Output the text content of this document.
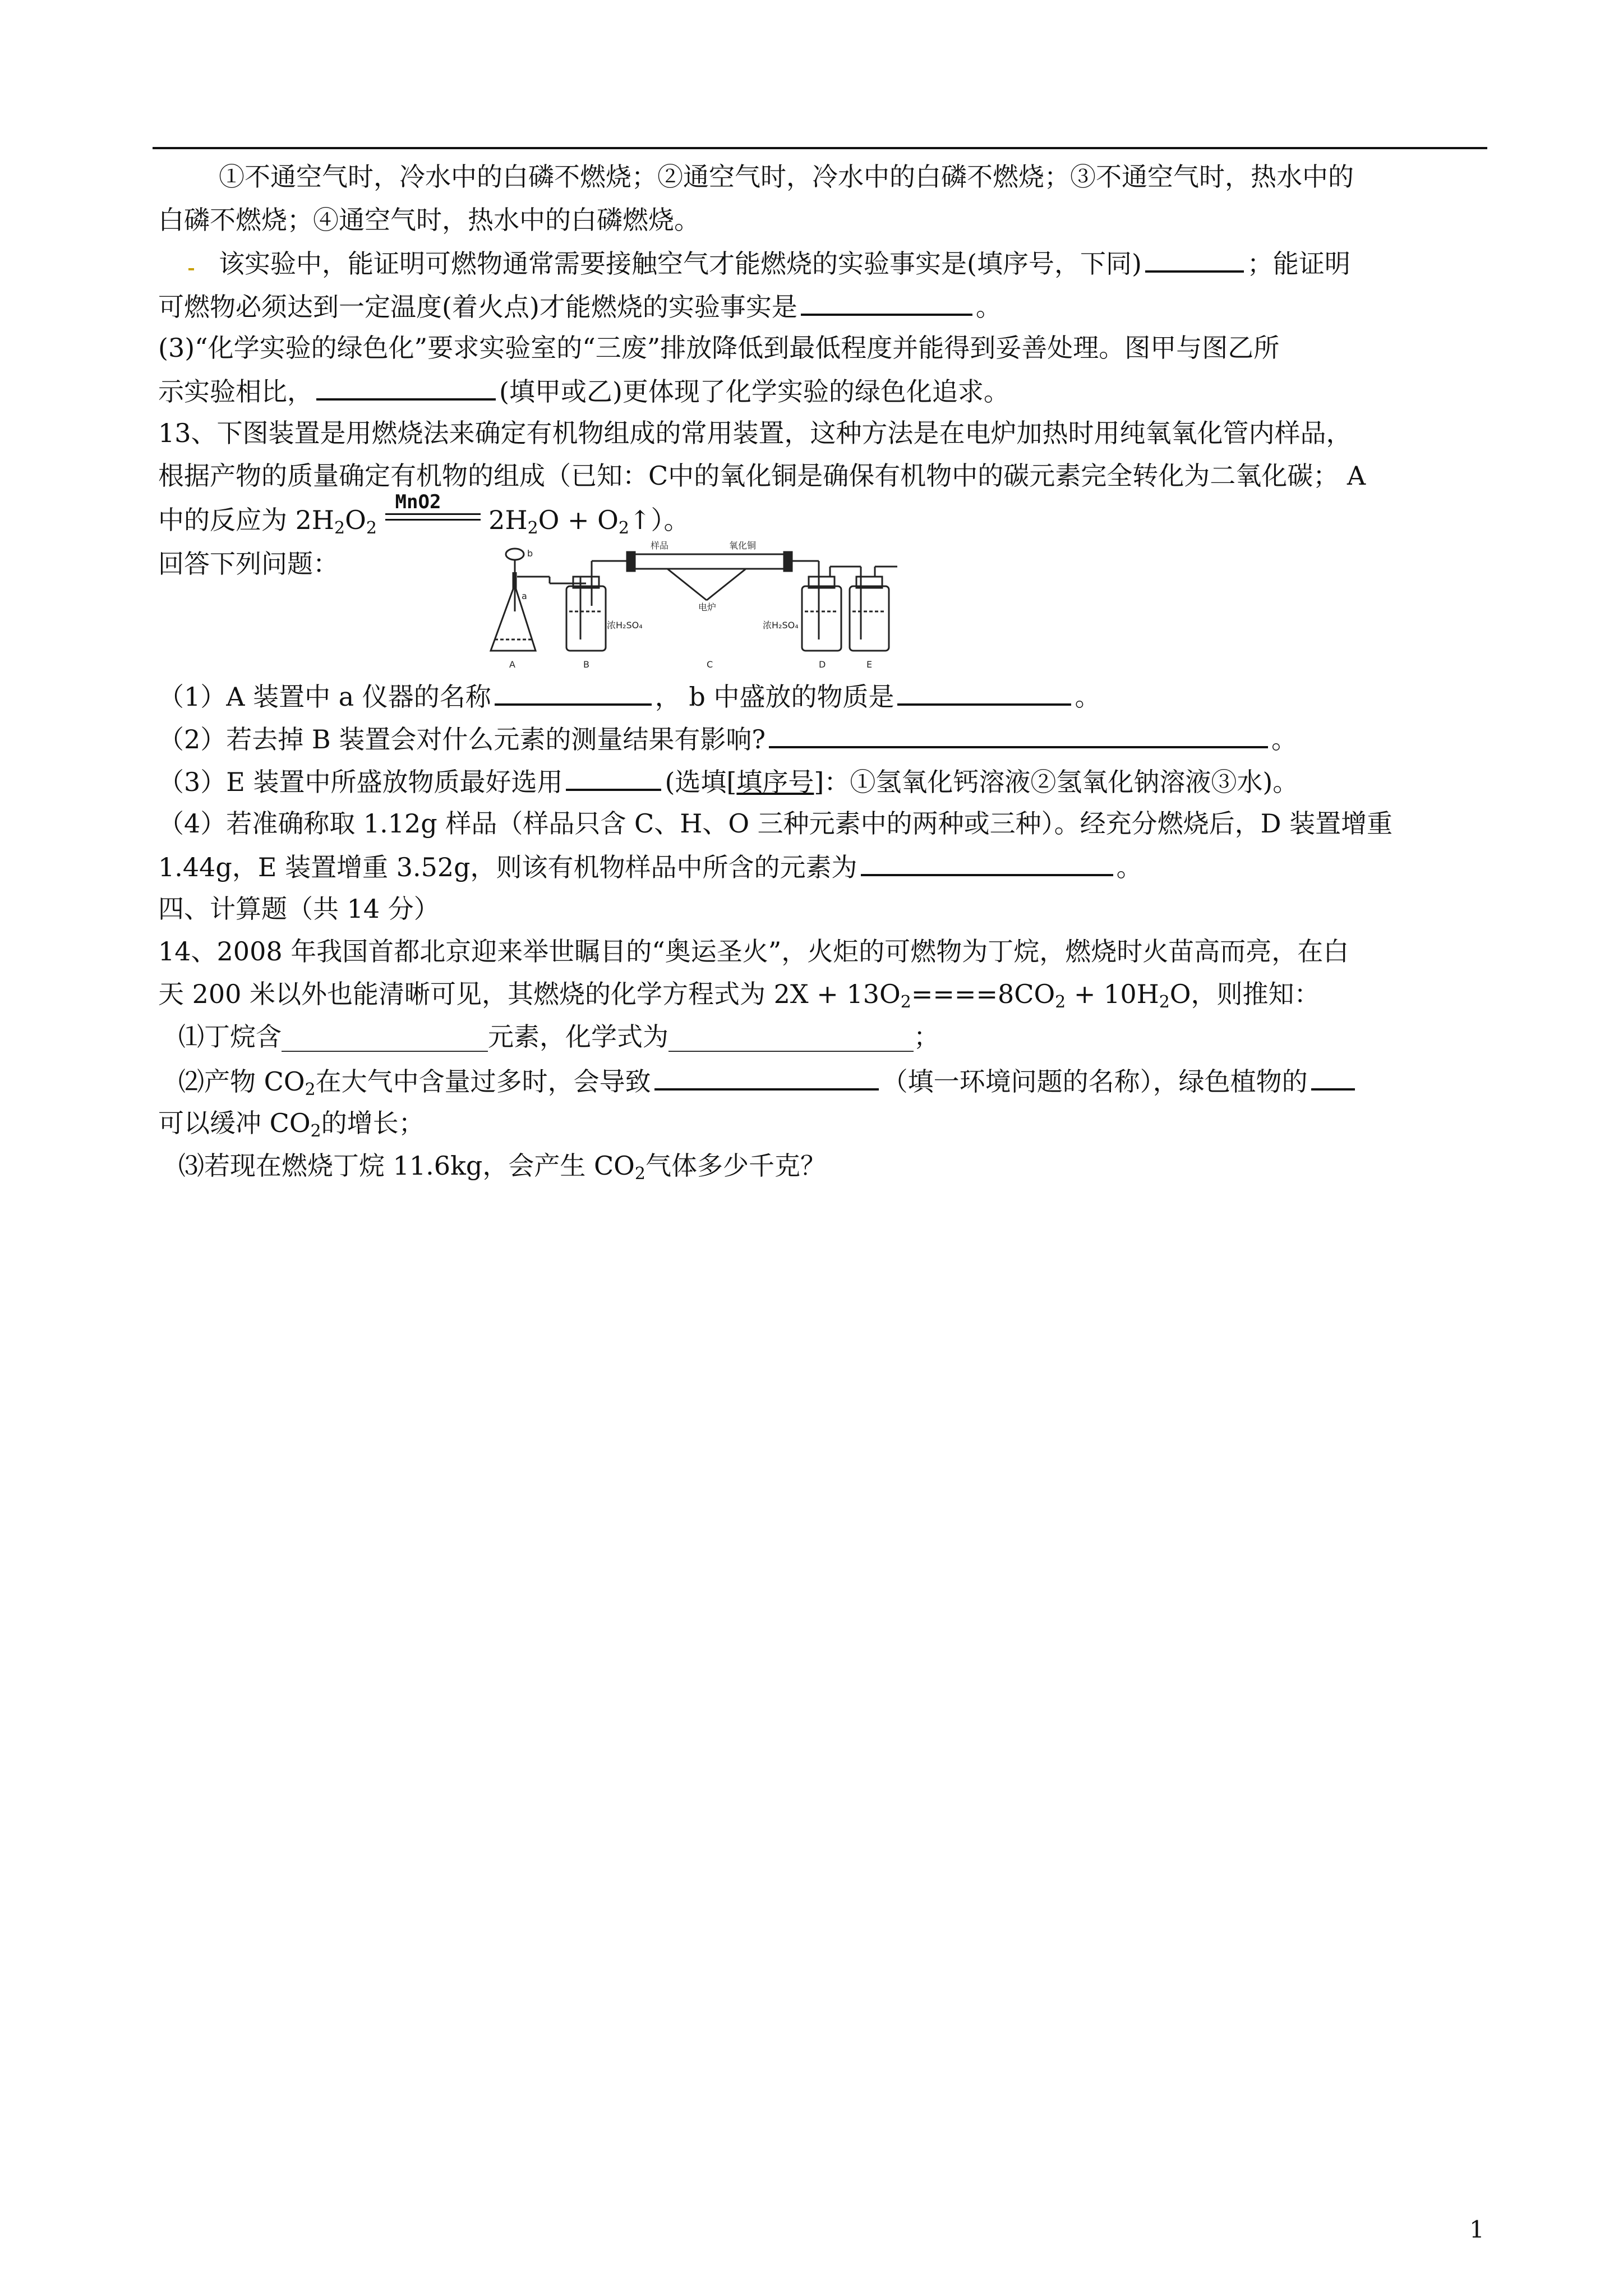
①不通空气时，冷水中的白磷不燃烧；②通空气时，冷水中的白磷不燃烧；③不通空气时，热水中的
白磷不燃烧；④通空气时，热水中的白磷燃烧。
该实验中，能证明可燃物通常需要接触空气才能燃烧的实验事实是(填序号，下同)	；能证明
可燃物必须达到一定温度(着火点)才能燃烧的实验事实是	。
(3)“化学实验的绿色化”要求实验室的“三废”排放降低到最低程度并能得到妥善处理。图甲与图乙所
示实验相比，	(填甲或乙)更体现了化学实验的绿色化追求。
13、下图装置是用燃烧法来确定有机物组成的常用装置，这种方法是在电炉加热时用纯氧氧化管内样品，
根据产物的质量确定有机物的组成（已知：C中的氧化铜是确保有机物中的碳元素完全转化为二氧化碳； A
中的反应为 $2H_2O_2$
MnO2
$2H_2O$ + $O_2↑$）。
回答下列问题：	b
a
样品	氧化铜
电炉
浓H₂SO₄	浓H₂SO₄
A	B	C	D	E
（1）A 装置中 a 仪器的名称	， b 中盛放的物质是	。
（2）若去掉 B 装置会对什么元素的测量结果有影响?	。
（3）E 装置中所盛放物质最好选用	(选填[填序号]：①氢氧化钙溶液②氢氧化钠溶液③水)。
（4）若准确称取 1.12g 样品（样品只含 C、H、O 三种元素中的两种或三种）。经充分燃烧后，D 装置增重
1.44g，E 装置增重 3.52g，则该有机物样品中所含的元素为	。
四、计算题（共 14 分）
14、2008 年我国首都北京迎来举世瞩目的“奥运圣火”，火炬的可燃物为丁烷，燃烧时火苗高而亮，在白
天 200 米以外也能清晰可见，其燃烧的化学方程式为 $2X + 13O_2====8CO_2 + 10H_2O$，则推知：
⑴丁烷含________________元素，化学式为___________________；
⑵产物 $CO_2$在大气中含量过多时，会导致	（填一环境问题的名称），绿色植物的
可以缓冲 $CO_2$的增长；
⑶若现在燃烧丁烷 11.6kg，会产生 $CO_2$气体多少千克？
1
